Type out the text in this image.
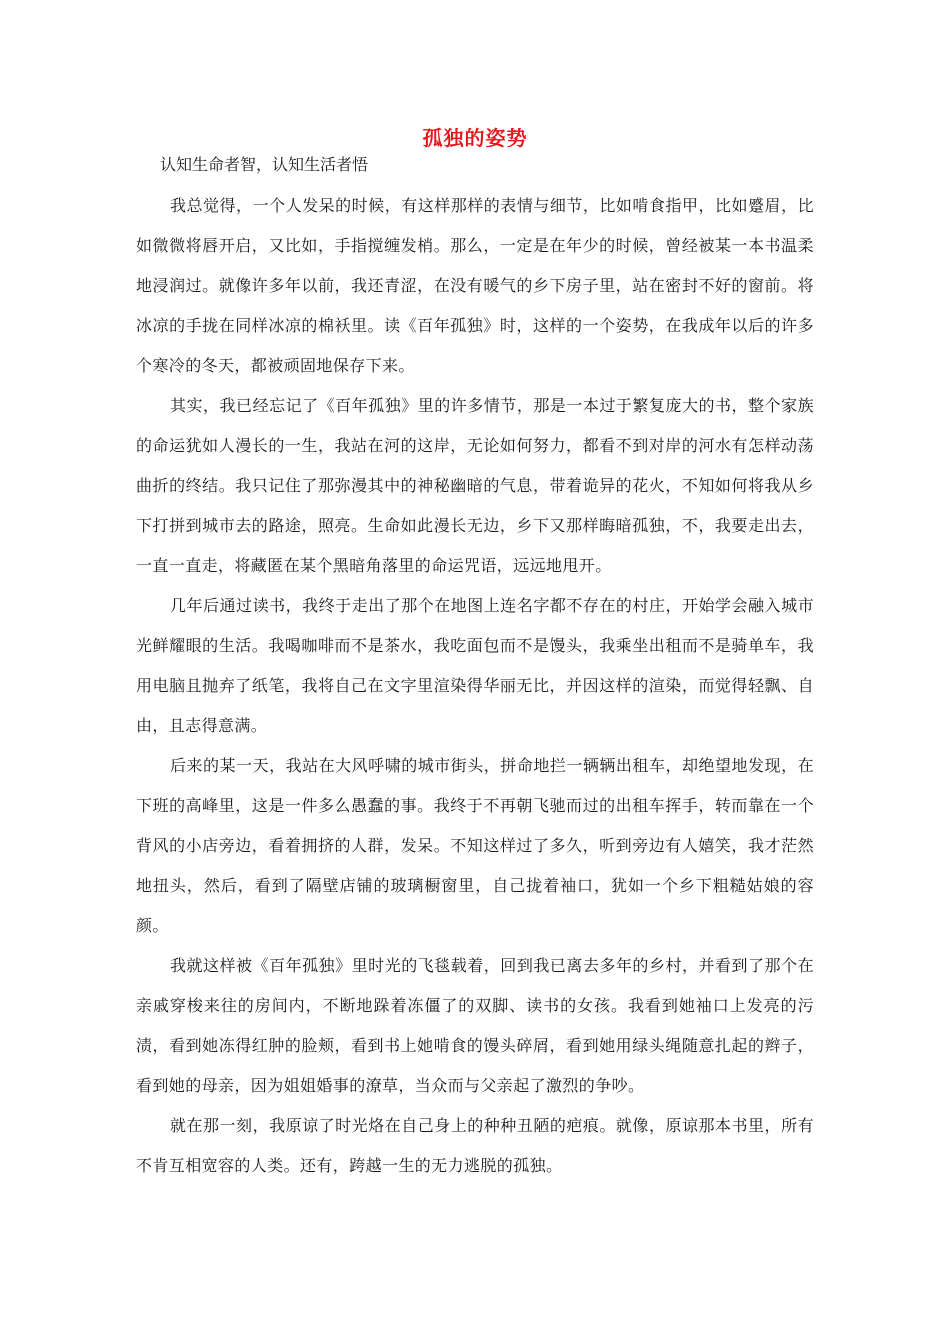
孤独的姿势
认知生命者智，认知生活者悟

我总觉得，一个人发呆的时候，有这样那样的表情与细节，比如啃食指甲，比如蹙眉，比如微微将唇开启，又比如，手指搅缠发梢。那么，一定是在年少的时候，曾经被某一本书温柔地浸润过。就像许多年以前，我还青涩，在没有暖气的乡下房子里，站在密封不好的窗前。将冰凉的手拢在同样冰凉的棉袄里。读《百年孤独》时，这样的一个姿势，在我成年以后的许多个寒冷的冬天，都被顽固地保存下来。

其实，我已经忘记了《百年孤独》里的许多情节，那是一本过于繁复庞大的书，整个家族的命运犹如人漫长的一生，我站在河的这岸，无论如何努力，都看不到对岸的河水有怎样动荡曲折的终结。我只记住了那弥漫其中的神秘幽暗的气息，带着诡异的花火，不知如何将我从乡下打拼到城市去的路途，照亮。生命如此漫长无边，乡下又那样晦暗孤独，不，我要走出去，一直一直走，将藏匿在某个黑暗角落里的命运咒语，远远地甩开。

几年后通过读书，我终于走出了那个在地图上连名字都不存在的村庄，开始学会融入城市光鲜耀眼的生活。我喝咖啡而不是茶水，我吃面包而不是馒头，我乘坐出租而不是骑单车，我用电脑且抛弃了纸笔，我将自己在文字里渲染得华丽无比，并因这样的渲染，而觉得轻飘、自由，且志得意满。

后来的某一天，我站在大风呼啸的城市街头，拼命地拦一辆辆出租车，却绝望地发现，在下班的高峰里，这是一件多么愚蠢的事。我终于不再朝飞驰而过的出租车挥手，转而靠在一个背风的小店旁边，看着拥挤的人群，发呆。不知这样过了多久，听到旁边有人嬉笑，我才茫然地扭头，然后，看到了隔壁店铺的玻璃橱窗里，自己拢着袖口，犹如一个乡下粗糙姑娘的容颜。

我就这样被《百年孤独》里时光的飞毯载着，回到我已离去多年的乡村，并看到了那个在亲戚穿梭来往的房间内，不断地跺着冻僵了的双脚、读书的女孩。我看到她袖口上发亮的污渍，看到她冻得红肿的脸颊，看到书上她啃食的馒头碎屑，看到她用绿头绳随意扎起的辫子，看到她的母亲，因为姐姐婚事的潦草，当众而与父亲起了激烈的争吵。

就在那一刻，我原谅了时光烙在自己身上的种种丑陋的疤痕。就像，原谅那本书里，所有不肯互相宽容的人类。还有，跨越一生的无力逃脱的孤独。
